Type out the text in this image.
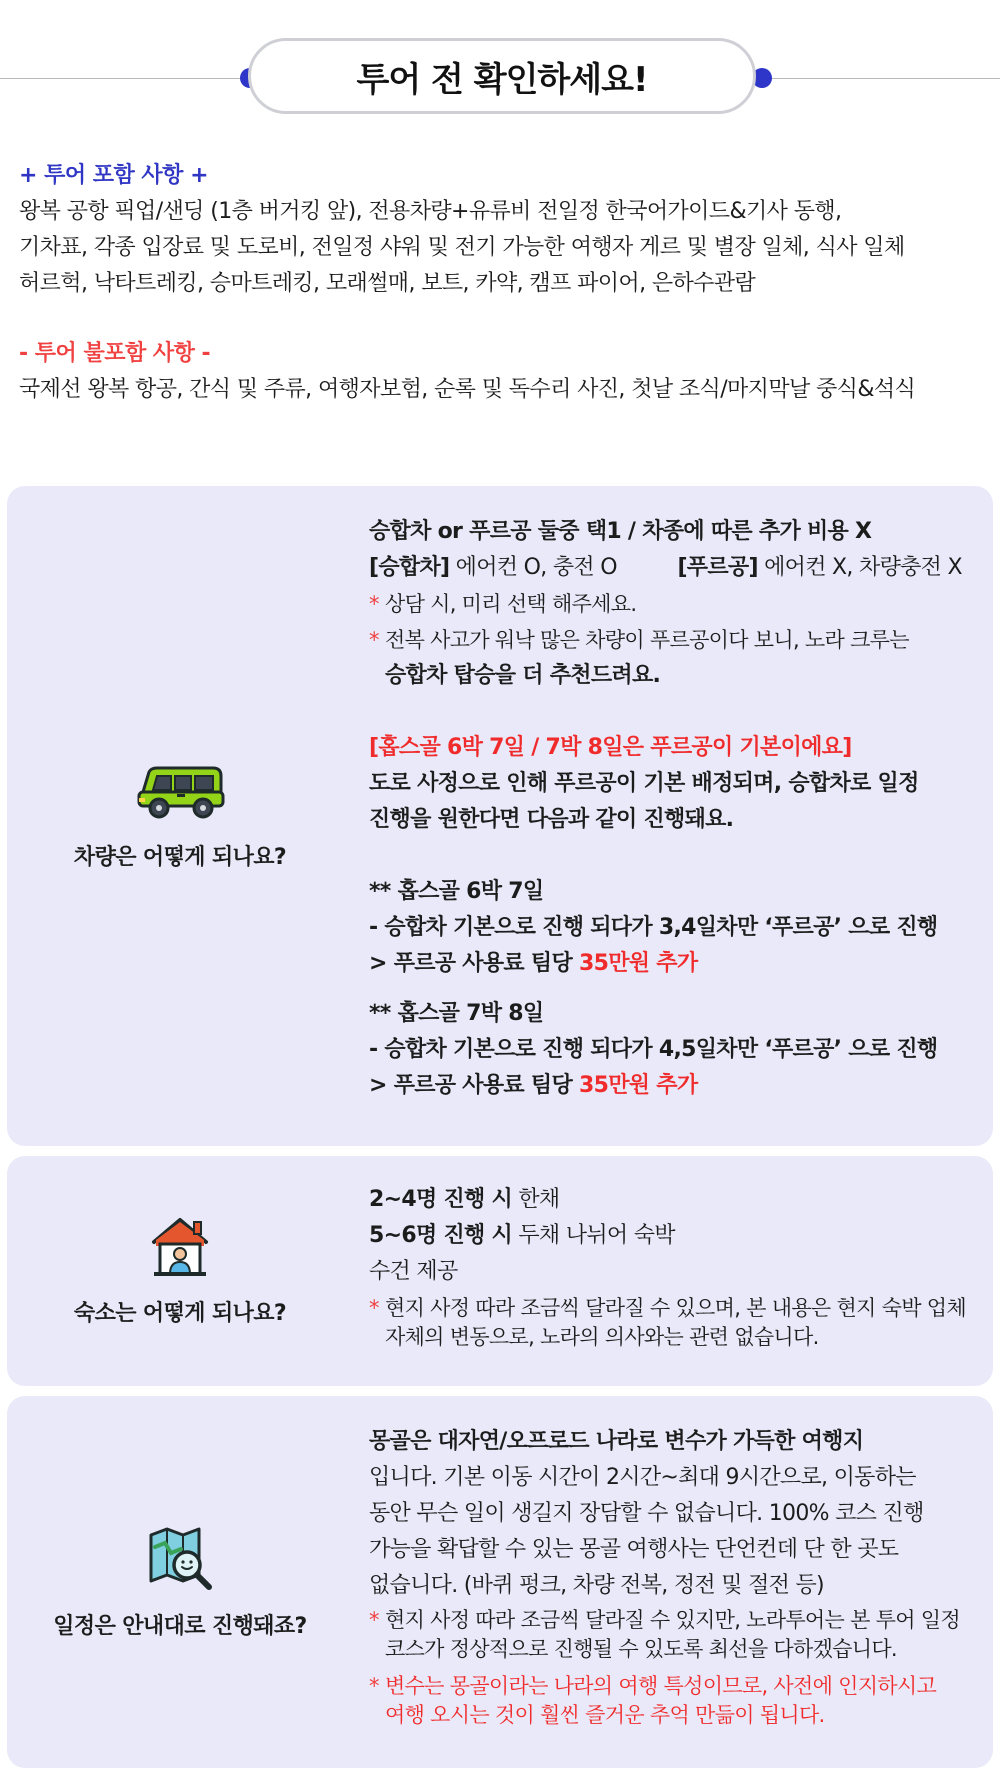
투어 전 확인하세요!
+ 투어 포함 사항 +
왕복 공항 픽업/샌딩 (1층 버거킹 앞), 전용차량+유류비 전일정 한국어가이드&기사 동행,
기차표, 각종 입장료 및 도로비, 전일정 샤워 및 전기 가능한 여행자 게르 및 별장 일체, 식사 일체
허르헉, 낙타트레킹, 승마트레킹, 모래썰매, 보트, 카약, 캠프 파이어, 은하수관람
- 투어 불포함 사항 -
국제선 왕복 항공, 간식 및 주류, 여행자보험, 순록 및 독수리 사진, 첫날 조식/마지막날 중식&석식
차량은 어떻게 되나요?
승합차 or 푸르공 둘중 택1 / 차종에 따른 추가 비용 X
[승합차] 에어컨 O, 충전 O	[푸르공] 에어컨 X, 차량충전 X
* 상담 시, 미리 선택 해주세요.
* 전복 사고가 워낙 많은 차량이 푸르공이다 보니, 노라 크루는
승합차 탑승을 더 추천드려요.
[홉스골 6박 7일 / 7박 8일은 푸르공이 기본이에요]
도로 사정으로 인해 푸르공이 기본 배정되며, 승합차로 일정
진행을 원한다면 다음과 같이 진행돼요.
** 홉스골 6박 7일
- 승합차 기본으로 진행 되다가 3,4일차만 ‘푸르공’ 으로 진행
> 푸르공 사용료 팀당 35만원 추가
** 홉스골 7박 8일
- 승합차 기본으로 진행 되다가 4,5일차만 ‘푸르공’ 으로 진행
> 푸르공 사용료 팀당 35만원 추가
숙소는 어떻게 되나요?
2~4명 진행 시 한채
5~6명 진행 시 두채 나뉘어 숙박
수건 제공
* 현지 사정 따라 조금씩 달라질 수 있으며, 본 내용은 현지 숙박 업체
자체의 변동으로, 노라의 의사와는 관련 없습니다.
일정은 안내대로 진행돼죠?
몽골은 대자연/오프로드 나라로 변수가 가득한 여행지
입니다. 기본 이동 시간이 2시간~최대 9시간으로, 이동하는
동안 무슨 일이 생길지 장담할 수 없습니다. 100% 코스 진행
가능을 확답할 수 있는 몽골 여행사는 단언컨데 단 한 곳도
없습니다. (바퀴 펑크, 차량 전복, 정전 및 절전 등)
* 현지 사정 따라 조금씩 달라질 수 있지만, 노라투어는 본 투어 일정
코스가 정상적으로 진행될 수 있도록 최선을 다하겠습니다.
* 변수는 몽골이라는 나라의 여행 특성이므로, 사전에 인지하시고
여행 오시는 것이 훨씬 즐거운 추억 만듦이 됩니다.
